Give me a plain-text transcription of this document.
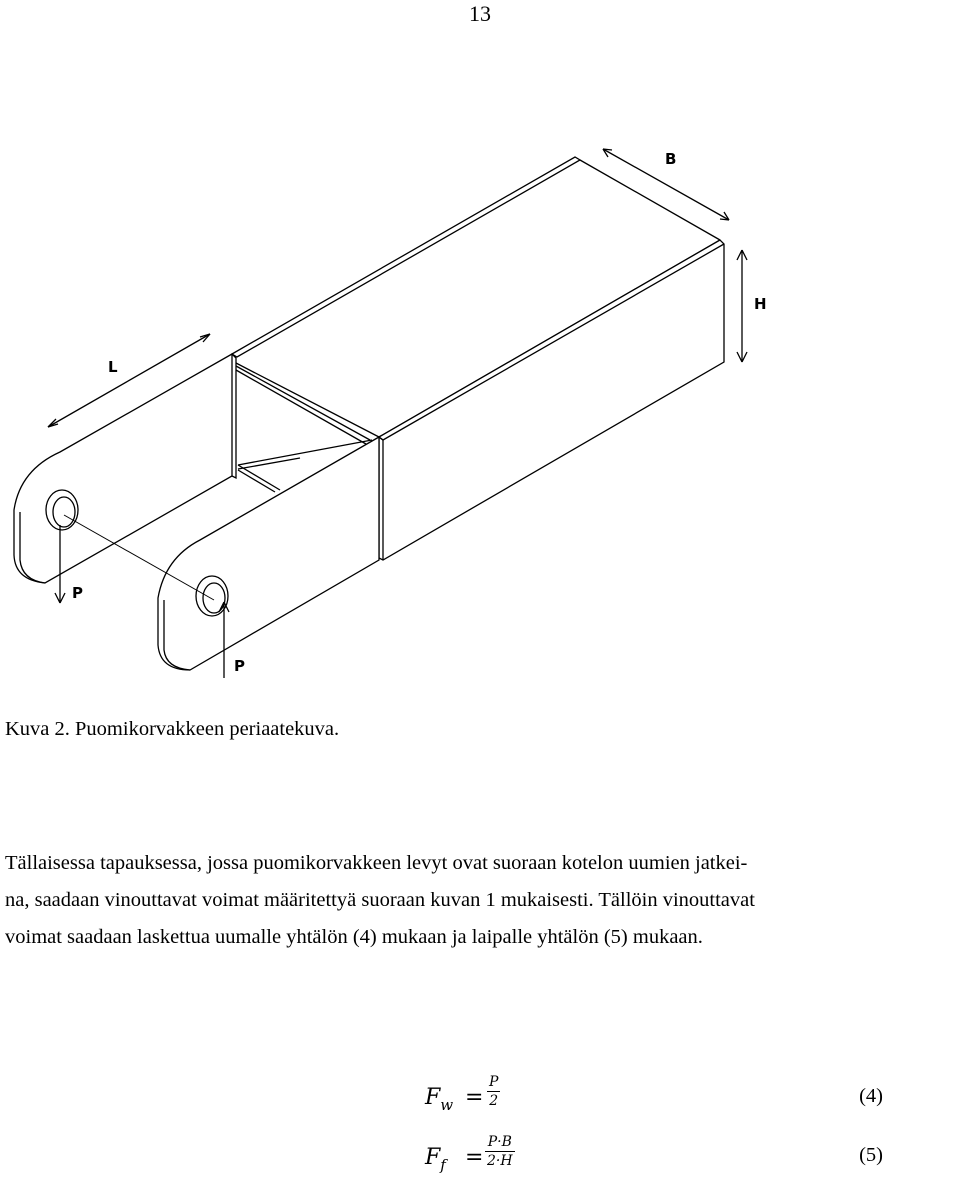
13
L
B
H
P
P
Kuva 2. Puomikorvakkeen periaatekuva.
Tällaisessa tapauksessa, jossa puomikorvakkeen levyt ovat suoraan kotelon uumien jatkei-
na, saadaan vinouttavat voimat määritettyä suoraan kuvan 1 mukaisesti. Tällöin vinouttavat
voimat saadaan laskettua uumalle yhtälön (4) mukaan ja laipalle yhtälön (5) mukaan.
$F_w$ =
P
2	(4)
$F_f$ =
P·B
2·H	(5)
